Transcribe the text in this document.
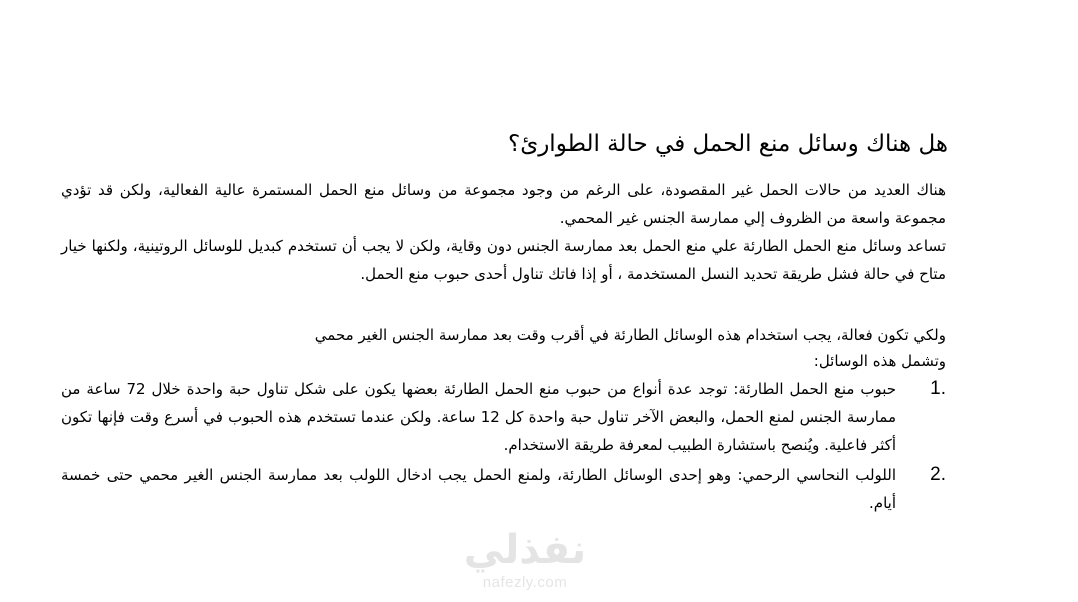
هل هناك وسائل منع الحمل في حالة الطوارئ؟

هناك العديد من حالات الحمل غير المقصودة، على الرغم من وجود مجموعة من وسائل منع الحمل المستمرة عالية الفعالية، ولكن قد تؤدي مجموعة واسعة من الظروف إلي ممارسة الجنس غير المحمي.

تساعد وسائل منع الحمل الطارئة علي منع الحمل بعد ممارسة الجنس دون وقاية، ولكن لا يجب أن تستخدم كبديل للوسائل الروتينية، ولكنها خيار متاح في حالة فشل طريقة تحديد النسل المستخدمة ، أو إذا فاتك تناول أحدى حبوب منع الحمل.

ولكي تكون فعالة، يجب استخدام هذه الوسائل الطارئة في أقرب وقت بعد ممارسة الجنس الغير محمي
وتشمل هذه الوسائل:

1.
حبوب منع الحمل الطارئة: توجد عدة أنواع من حبوب منع الحمل الطارئة بعضها يكون على شكل تناول حبة واحدة خلال 72 ساعة من ممارسة الجنس لمنع الحمل، والبعض الآخر تناول حبة واحدة كل 12 ساعة. ولكن عندما تستخدم هذه الحبوب في أسرع وقت فإنها تكون أكثر فاعلية. ويُنصح باستشارة الطبيب لمعرفة طريقة الاستخدام.
2.
اللولب النحاسي الرحمي: وهو إحدى الوسائل الطارئة، ولمنع الحمل يجب ادخال اللولب بعد ممارسة الجنس الغير محمي حتى خمسة أيام.
نفذلي
nafezly.com
